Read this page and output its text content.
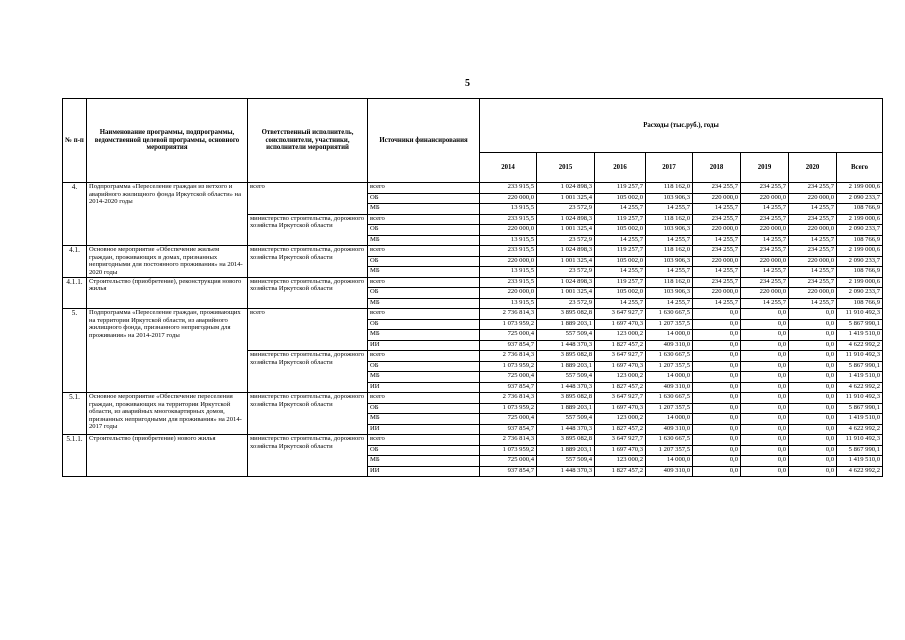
5
№ п-п	Наименование программы, подпрограммы, ведомственной целевой программы, основного мероприятия	Ответственный исполнитель, соисполнители, участники, исполнители мероприятий	Источники финансирования	Расходы (тыс.руб.), годы							
				2014	2015	2016	2017	2018	2019	2020	Всего
4.	Подпрограмма «Переселение граждан из ветхого и аварийного жилищного фонда Иркутской области» на 2014-2020 годы	всего	всего	233 915,5	1 024 898,3	119 257,7	118 162,0	234 255,7	234 255,7	234 255,7	2 199 000,6
			ОБ	220 000,0	1 001 325,4	105 002,0	103 906,3	220 000,0	220 000,0	220 000,0	2 090 233,7
			МБ	13 915,5	23 572,9	14 255,7	14 255,7	14 255,7	14 255,7	14 255,7	108 766,9
		министерство строительства, дорожного хозяйства Иркутской области	всего	233 915,5	1 024 898,3	119 257,7	118 162,0	234 255,7	234 255,7	234 255,7	2 199 000,6
			ОБ	220 000,0	1 001 325,4	105 002,0	103 906,3	220 000,0	220 000,0	220 000,0	2 090 233,7
			МБ	13 915,5	23 572,9	14 255,7	14 255,7	14 255,7	14 255,7	14 255,7	108 766,9
4.1.	Основное мероприятие «Обеспечение жильем граждан, проживающих в домах, признанных непригодными для постоянного проживания» на 2014-2020 годы	министерство строительства, дорожного хозяйства Иркутской области	всего	233 915,5	1 024 898,3	119 257,7	118 162,0	234 255,7	234 255,7	234 255,7	2 199 000,6
			ОБ	220 000,0	1 001 325,4	105 002,0	103 906,3	220 000,0	220 000,0	220 000,0	2 090 233,7
			МБ	13 915,5	23 572,9	14 255,7	14 255,7	14 255,7	14 255,7	14 255,7	108 766,9
4.1.1.	Строительство (приобретение), реконструкция нового жилья	министерство строительства, дорожного хозяйства Иркутской области	всего	233 915,5	1 024 898,3	119 257,7	118 162,0	234 255,7	234 255,7	234 255,7	2 199 000,6
			ОБ	220 000,0	1 001 325,4	105 002,0	103 906,3	220 000,0	220 000,0	220 000,0	2 090 233,7
			МБ	13 915,5	23 572,9	14 255,7	14 255,7	14 255,7	14 255,7	14 255,7	108 766,9
5.	Подпрограмма «Переселение граждан, проживающих на территории Иркутской области, из аварийного жилищного фонда, признанного непригодным для проживания» на 2014-2017 годы	всего	всего	2 736 814,3	3 895 082,8	3 647 927,7	1 630 667,5	0,0	0,0	0,0	11 910 492,3
			ОБ	1 073 959,2	1 889 203,1	1 697 470,3	1 207 357,5	0,0	0,0	0,0	5 867 990,1
			МБ	725 000,4	557 509,4	123 000,2	14 000,0	0,0	0,0	0,0	1 419 510,0
			ИИ	937 854,7	1 448 370,3	1 827 457,2	409 310,0	0,0	0,0	0,0	4 622 992,2
		министерство строительства, дорожного хозяйства Иркутской области	всего	2 736 814,3	3 895 082,8	3 647 927,7	1 630 667,5	0,0	0,0	0,0	11 910 492,3
			ОБ	1 073 959,2	1 889 203,1	1 697 470,3	1 207 357,5	0,0	0,0	0,0	5 867 990,1
			МБ	725 000,4	557 509,4	123 000,2	14 000,0	0,0	0,0	0,0	1 419 510,0
			ИИ	937 854,7	1 448 370,3	1 827 457,2	409 310,0	0,0	0,0	0,0	4 622 992,2
5.1.	Основное мероприятие «Обеспечение переселения граждан, проживающих на территории Иркутской области, из аварийных многоквартирных домов, признанных непригодными для проживания» на 2014-2017 годы	министерство строительства, дорожного хозяйства Иркутской области	всего	2 736 814,3	3 895 082,8	3 647 927,7	1 630 667,5	0,0	0,0	0,0	11 910 492,3
			ОБ	1 073 959,2	1 889 203,1	1 697 470,3	1 207 357,5	0,0	0,0	0,0	5 867 990,1
			МБ	725 000,4	557 509,4	123 000,2	14 000,0	0,0	0,0	0,0	1 419 510,0
			ИИ	937 854,7	1 448 370,3	1 827 457,2	409 310,0	0,0	0,0	0,0	4 622 992,2
5.1.1.	Строительство (приобретение) нового жилья	министерство строительства, дорожного хозяйства Иркутской области	всего	2 736 814,3	3 895 082,8	3 647 927,7	1 630 667,5	0,0	0,0	0,0	11 910 492,3
			ОБ	1 073 959,2	1 889 203,1	1 697 470,3	1 207 357,5	0,0	0,0	0,0	5 867 990,1
			МБ	725 000,4	557 509,4	123 000,2	14 000,0	0,0	0,0	0,0	1 419 510,0
			ИИ	937 854,7	1 448 370,3	1 827 457,2	409 310,0	0,0	0,0	0,0	4 622 992,2
